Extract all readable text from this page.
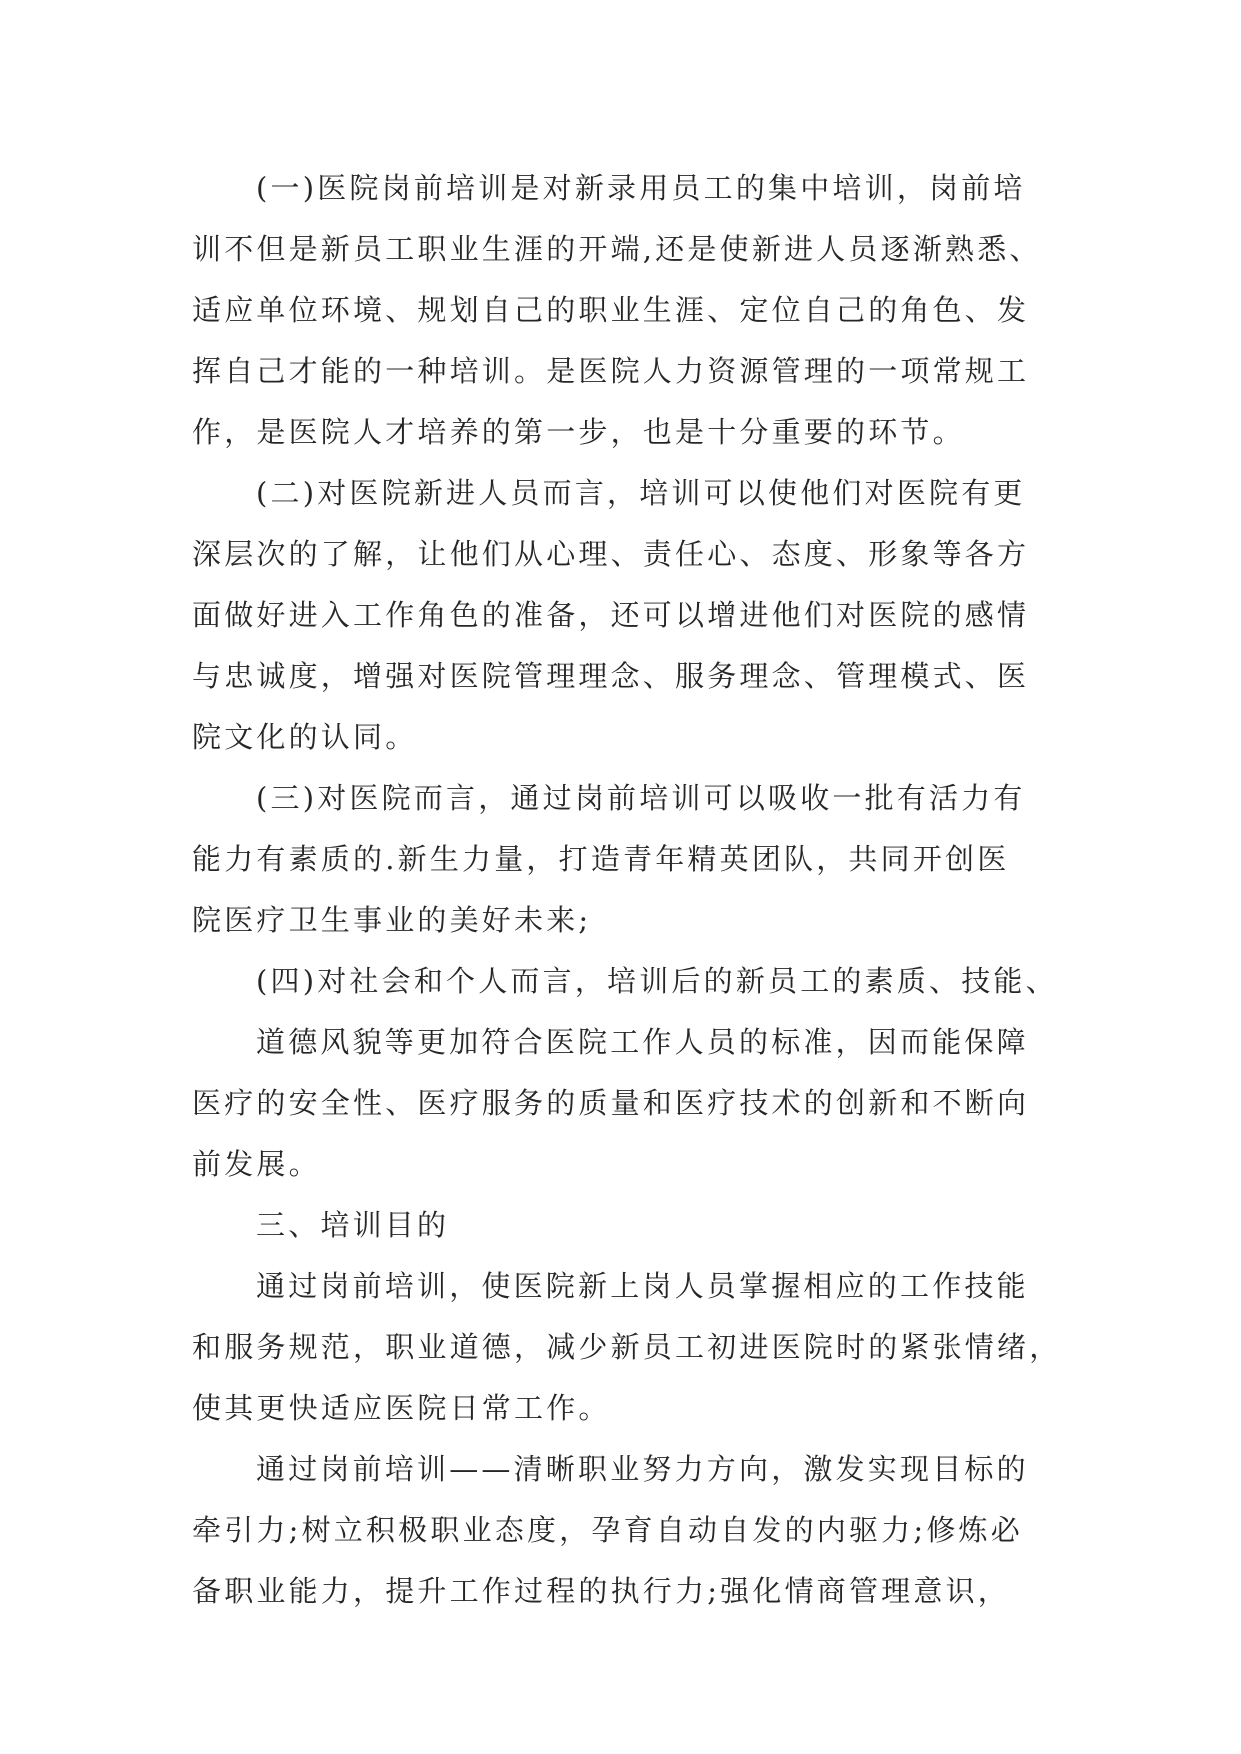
(一)医院岗前培训是对新录用员工的集中培训，岗前培
训不但是新员工职业生涯的开端,还是使新进人员逐渐熟悉、
适应单位环境、规划自己的职业生涯、定位自己的角色、发
挥自己才能的一种培训。是医院人力资源管理的一项常规工
作，是医院人才培养的第一步，也是十分重要的环节。
(二)对医院新进人员而言，培训可以使他们对医院有更
深层次的了解，让他们从心理、责任心、态度、形象等各方
面做好进入工作角色的准备，还可以增进他们对医院的感情
与忠诚度，增强对医院管理理念、服务理念、管理模式、医
院文化的认同。
(三)对医院而言，通过岗前培训可以吸收一批有活力有
能力有素质的.新生力量，打造青年精英团队，共同开创医
院医疗卫生事业的美好未来;
(四)对社会和个人而言，培训后的新员工的素质、技能、
道德风貌等更加符合医院工作人员的标准，因而能保障
医疗的安全性、医疗服务的质量和医疗技术的创新和不断向
前发展。
三、培训目的
通过岗前培训，使医院新上岗人员掌握相应的工作技能
和服务规范，职业道德，减少新员工初进医院时的紧张情绪，
使其更快适应医院日常工作。
通过岗前培训——清晰职业努力方向，激发实现目标的
牵引力;树立积极职业态度，孕育自动自发的内驱力;修炼必
备职业能力，提升工作过程的执行力;强化情商管理意识，
